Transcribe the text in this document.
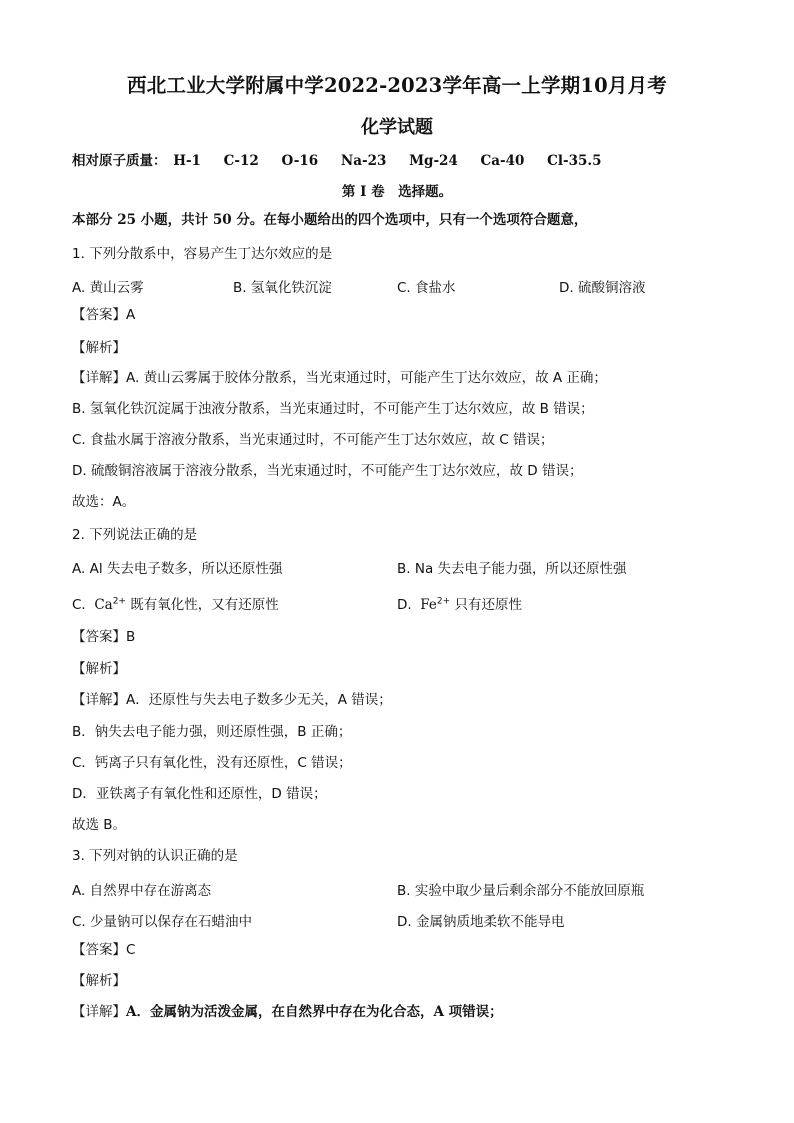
西北工业大学附属中学2022-2023学年高一上学期10月月考
化学试题
相对原子质量： H-1 C-12 O-16 Na-23 Mg-24 Ca-40 Cl-35.5
第 I 卷　选择题。
本部分 25 小题，共计 50 分。在每小题给出的四个选项中，只有一个选项符合题意，
1. 下列分散系中，容易产生丁达尔效应的是
A. 黄山云雾	B. 氢氧化铁沉淀	C. 食盐水	D. 硫酸铜溶液
【答案】A
【解析】
【详解】A. 黄山云雾属于胶体分散系，当光束通过时，可能产生丁达尔效应，故 A 正确；
B. 氢氧化铁沉淀属于浊液分散系，当光束通过时，不可能产生丁达尔效应，故 B 错误；
C. 食盐水属于溶液分散系，当光束通过时，不可能产生丁达尔效应，故 C 错误；
D. 硫酸铜溶液属于溶液分散系，当光束通过时，不可能产生丁达尔效应，故 D 错误；
故选：A。
2. 下列说法正确的是
A. Al 失去电子数多，所以还原性强	B. Na 失去电子能力强，所以还原性强
C. $Ca^{2+}$ 既有氧化性，又有还原性	D. $Fe^{2+}$ 只有还原性
【答案】B
【解析】
【详解】A．还原性与失去电子数多少无关，A 错误；
B．钠失去电子能力强，则还原性强，B 正确；
C．钙离子只有氧化性，没有还原性，C 错误；
D．亚铁离子有氧化性和还原性，D 错误；
故选 B。
3. 下列对钠的认识正确的是
A. 自然界中存在游离态	B. 实验中取少量后剩余部分不能放回原瓶
C. 少量钠可以保存在石蜡油中	D. 金属钠质地柔软不能导电
【答案】C
【解析】
【详解】A．金属钠为活泼金属，在自然界中存在为化合态，A 项错误；
